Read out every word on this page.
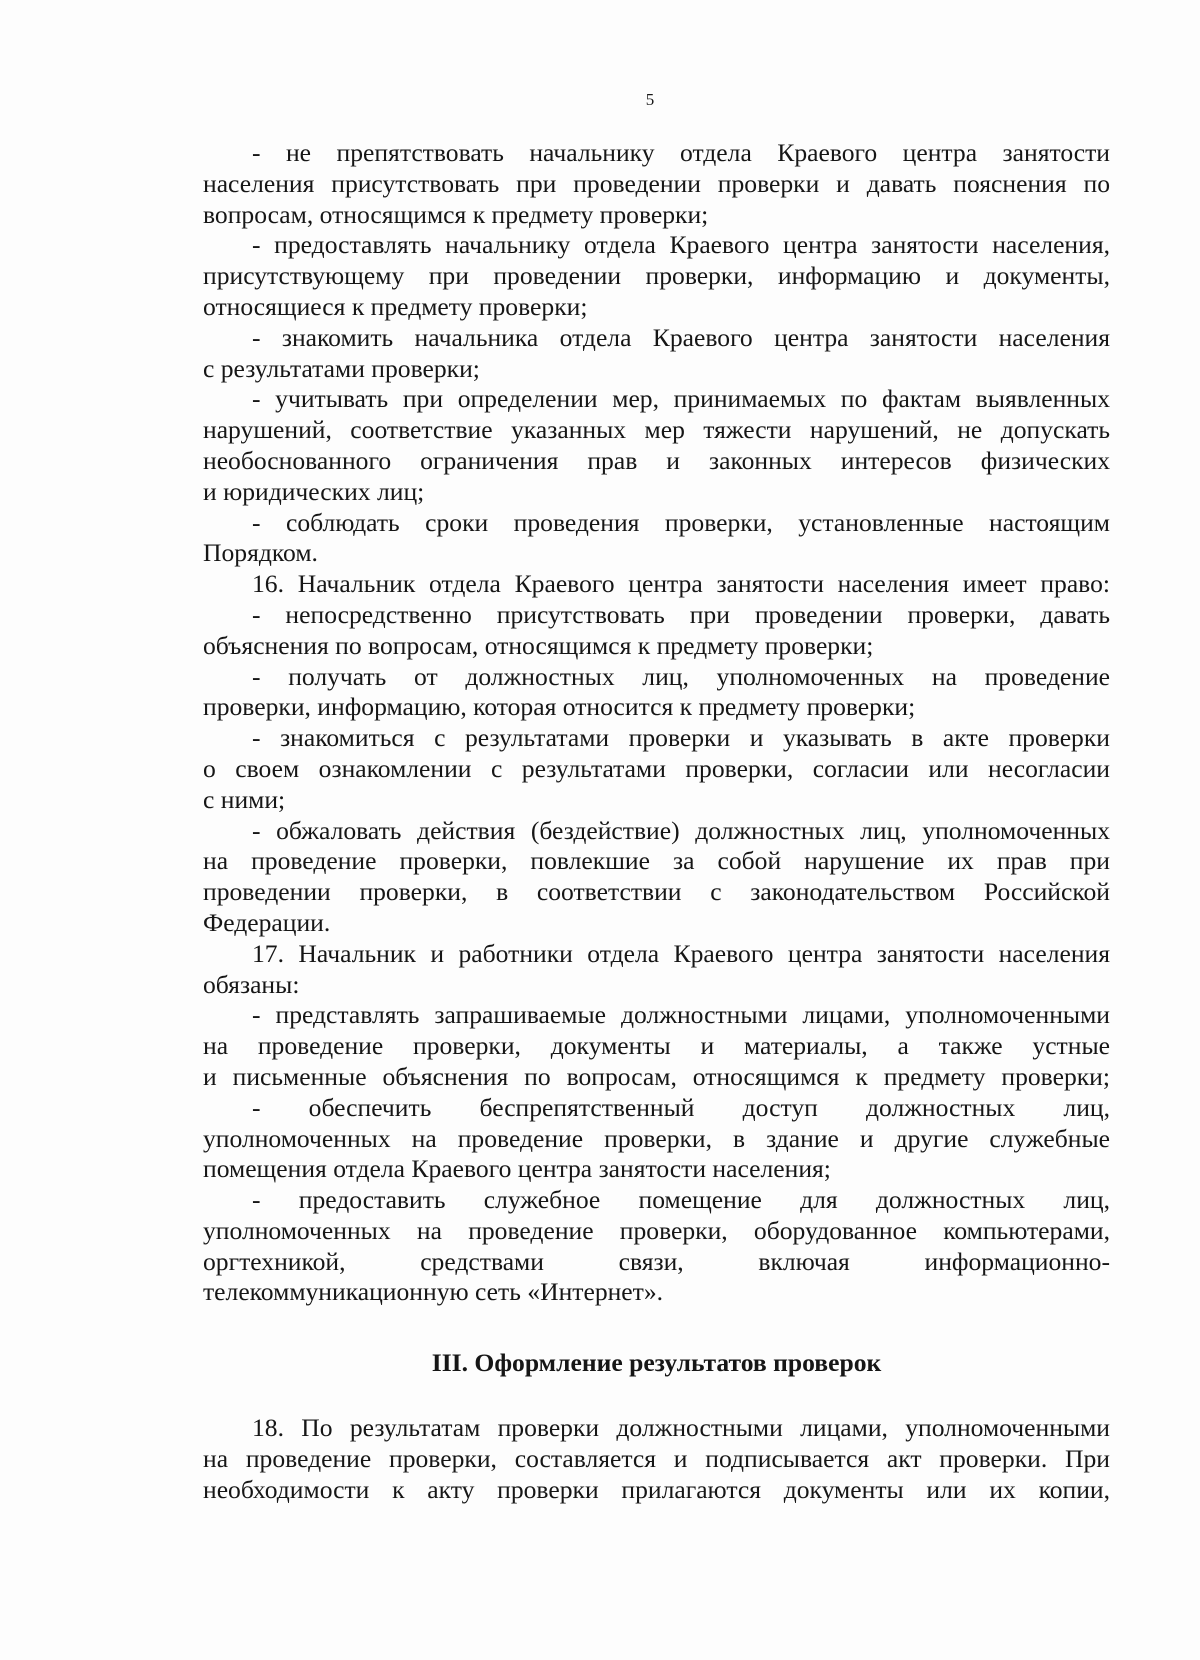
5
- не препятствовать начальнику отдела Краевого центра занятости
населения присутствовать при проведении проверки и давать пояснения по
вопросам, относящимся к предмету проверки;
- предоставлять начальнику отдела Краевого центра занятости населения,
присутствующему при проведении проверки, информацию и документы,
относящиеся к предмету проверки;
- знакомить начальника отдела Краевого центра занятости населения
с результатами проверки;
- учитывать при определении мер, принимаемых по фактам выявленных
нарушений, соответствие указанных мер тяжести нарушений, не допускать
необоснованного ограничения прав и законных интересов физических
и юридических лиц;
- соблюдать сроки проведения проверки, установленные настоящим
Порядком.
16. Начальник отдела Краевого центра занятости населения имеет право:
- непосредственно присутствовать при проведении проверки, давать
объяснения по вопросам, относящимся к предмету проверки;
- получать от должностных лиц, уполномоченных на проведение
проверки, информацию, которая относится к предмету проверки;
- знакомиться с результатами проверки и указывать в акте проверки
о своем ознакомлении с результатами проверки, согласии или несогласии
с ними;
- обжаловать действия (бездействие) должностных лиц, уполномоченных
на проведение проверки, повлекшие за собой нарушение их прав при
проведении проверки, в соответствии с законодательством Российской
Федерации.
17. Начальник и работники отдела Краевого центра занятости населения
обязаны:
- представлять запрашиваемые должностными лицами, уполномоченными
на проведение проверки, документы и материалы, а также устные
и письменные объяснения по вопросам, относящимся к предмету проверки;
- обеспечить беспрепятственный доступ должностных лиц,
уполномоченных на проведение проверки, в здание и другие служебные
помещения отдела Краевого центра занятости населения;
- предоставить служебное помещение для должностных лиц,
уполномоченных на проведение проверки, оборудованное компьютерами,
оргтехникой, средствами связи, включая информационно-
телекоммуникационную сеть «Интернет».
III. Оформление результатов проверок
18. По результатам проверки должностными лицами, уполномоченными
на проведение проверки, составляется и подписывается акт проверки. При
необходимости к акту проверки прилагаются документы или их копии,
